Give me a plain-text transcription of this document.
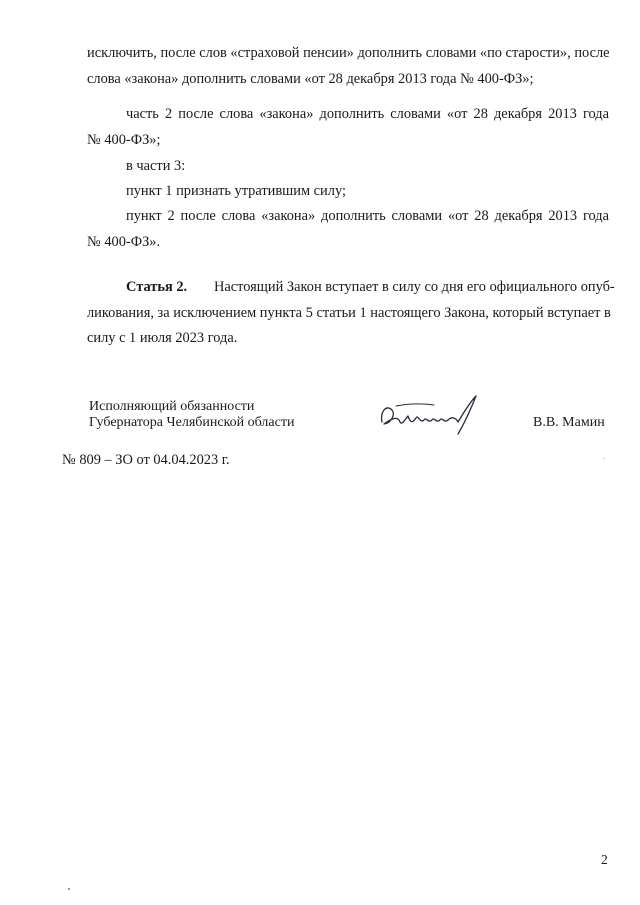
исключить, после слов «страховой пенсии» дополнить словами «по старости», после
слова «закона» дополнить словами «от 28 декабря 2013 года № 400-ФЗ»;
часть 2 после слова «закона» дополнить словами «от 28 декабря 2013 года
№ 400-ФЗ»;
в части 3:
пункт 1 признать утратившим силу;
пункт 2 после слова «закона» дополнить словами «от 28 декабря 2013 года
№ 400-ФЗ».
Статья 2.	Настоящий Закон вступает в силу со дня его официального опуб-
ликования, за исключением пункта 5 статьи 1 настоящего Закона, который вступает в
силу с 1 июля 2023 года.
Исполняющий обязанности
Губернатора Челябинской области	В.В. Мамин
№ 809 – ЗО от 04.04.2023 г.
2
